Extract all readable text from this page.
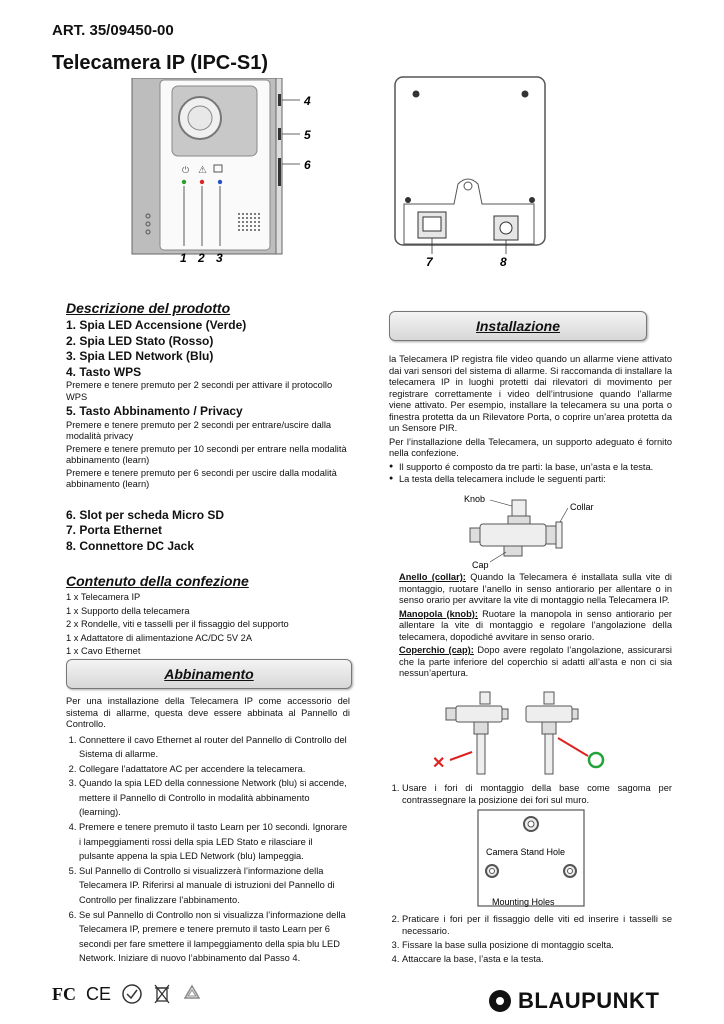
ART. 35/09450-00
Telecamera IP (IPC-S1)
⏻ ⚠
1 2 3
4
5
6
7	8
Descrizione del prodotto
1. Spia LED Accensione (Verde)
2. Spia LED Stato (Rosso)
3. Spia LED Network (Blu)
4. Tasto WPS
Premere e tenere premuto per 2 secondi per attivare il protocollo WPS
5. Tasto Abbinamento / Privacy
Premere e tenere premuto per 2 secondi per entrare/uscire dalla modalità privacy
Premere e tenere premuto per 10 secondi per entrare nella modalità abbinamento (learn)
Premere e tenere premuto per 6 secondi per uscire dalla modalità abbinamento (learn)
6. Slot per scheda Micro SD
7. Porta Ethernet
8. Connettore DC Jack
Contenuto della confezione
1 x Telecamera IP
1 x Supporto della telecamera
2 x Rondelle, viti e tasselli per il fissaggio del supporto
1 x Adattatore di alimentazione AC/DC 5V 2A
1 x Cavo Ethernet
Abbinamento
Per una installazione della Telecamera IP come accessorio del sistema di allarme, questa deve essere abbinata al Pannello di Controllo.
1. Connettere il cavo Ethernet al router del Pannello di Controllo del Sistema di allarme.
2. Collegare l’adattatore AC per accendere la telecamera.
3. Quando la spia LED della connessione Network (blu) si accende, mettere il Pannello di Controllo in modalità abbinamento (learning).
4. Premere e tenere premuto il tasto Learn per 10 secondi. Ignorare i lampeggiamenti rossi della spia LED Stato e rilasciare il pulsante appena la spia LED Network (blu) lampeggia.
5. Sul Pannello di Controllo si visualizzerà l’informazione della Telecamera IP. Riferirsi al manuale di istruzioni del Pannello di Controllo per finalizzare l’abbinamento.
6. Se sul Pannello di Controllo non si visualizza l’informazione della Telecamera IP, premere e tenere premuto il tasto Learn per 6 secondi per fare smettere il lampeggiamento della spia blu LED Network. Iniziare di nuovo l’abbinamento dal Passo 4.
Installazione
la Telecamera IP registra file video quando un allarme viene attivato dai vari sensori del sistema di allarme. Si raccomanda di installare la telecamera IP in luoghi protetti dai rilevatori di movimento per registrare correttamente i video dell’intrusione quando l’allarme viene attivato. Per esempio, installare la telecamera su una porta o finestra protetta da un Rilevatore Porta, o coprire un’area protetta da un Sensore PIR.
Per l’installazione della Telecamera, un supporto adeguato é fornito nella confezione.
● Il supporto é composto da tre parti: la base, un’asta e la testa.
● La testa della telecamera include le seguenti parti:
Knob
Collar
Cap
Anello (collar): Quando la Telecamera é installata sulla vite di montaggio, ruotare l’anello in senso antiorario per allentare o in senso orario per avvitare la vite di montaggio nella Telecamera IP.
Manopola (knob): Ruotare la manopola in senso antiorario per allentare la vite di montaggio e regolare l’angolazione della telecamera, dopodiché avvitare in senso orario.
Coperchio (cap): Dopo avere regolato l’angolazione, assicurarsi che la parte inferiore del coperchio si adatti all’asta e non ci sia nessun’apertura.
✕
1. Usare i fori di montaggio della base come sagoma per contrassegnare la posizione dei fori sul muro.
Camera Stand Hole
Mounting Holes
2. Praticare i fori per il fissaggio delle viti ed inserire i tasselli se necessario.
3. Fissare la base sulla posizione di montaggio scelta.
4. Attaccare la base, l’asta e la testa.
FC CE	BLAUPUNKT
